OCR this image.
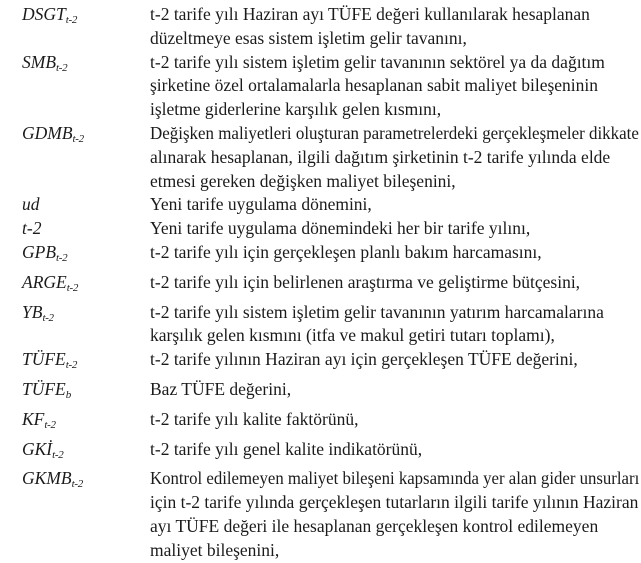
DSGTt-2	t-2 tarife yılı Haziran ayı TÜFE değeri kullanılarak hesaplanan
düzeltmeye esas sistem işletim gelir tavanını,
SMBt-2	t-2 tarife yılı sistem işletim gelir tavanının sektörel ya da dağıtım
şirketine özel ortalamalarla hesaplanan sabit maliyet bileşeninin
işletme giderlerine karşılık gelen kısmını,
GDMBt-2	Değişken maliyetleri oluşturan parametrelerdeki gerçekleşmeler dikkate
alınarak hesaplanan, ilgili dağıtım şirketinin t-2 tarife yılında elde
etmesi gereken değişken maliyet bileşenini,
ud	Yeni tarife uygulama dönemini,
t-2	Yeni tarife uygulama dönemindeki her bir tarife yılını,
GPBt-2	t-2 tarife yılı için gerçekleşen planlı bakım harcamasını,
ARGEt-2	t-2 tarife yılı için belirlenen araştırma ve geliştirme bütçesini,
YBt-2	t-2 tarife yılı sistem işletim gelir tavanının yatırım harcamalarına
karşılık gelen kısmını (itfa ve makul getiri tutarı toplamı),
TÜFEt-2	t-2 tarife yılının Haziran ayı için gerçekleşen TÜFE değerini,
TÜFEb	Baz TÜFE değerini,
KFt-2	t-2 tarife yılı kalite faktörünü,
GKİt-2	t-2 tarife yılı genel kalite indikatörünü,
GKMBt-2	Kontrol edilemeyen maliyet bileşeni kapsamında yer alan gider unsurları
için t-2 tarife yılında gerçekleşen tutarların ilgili tarife yılının Haziran
ayı TÜFE değeri ile hesaplanan gerçekleşen kontrol edilemeyen
maliyet bileşenini,
